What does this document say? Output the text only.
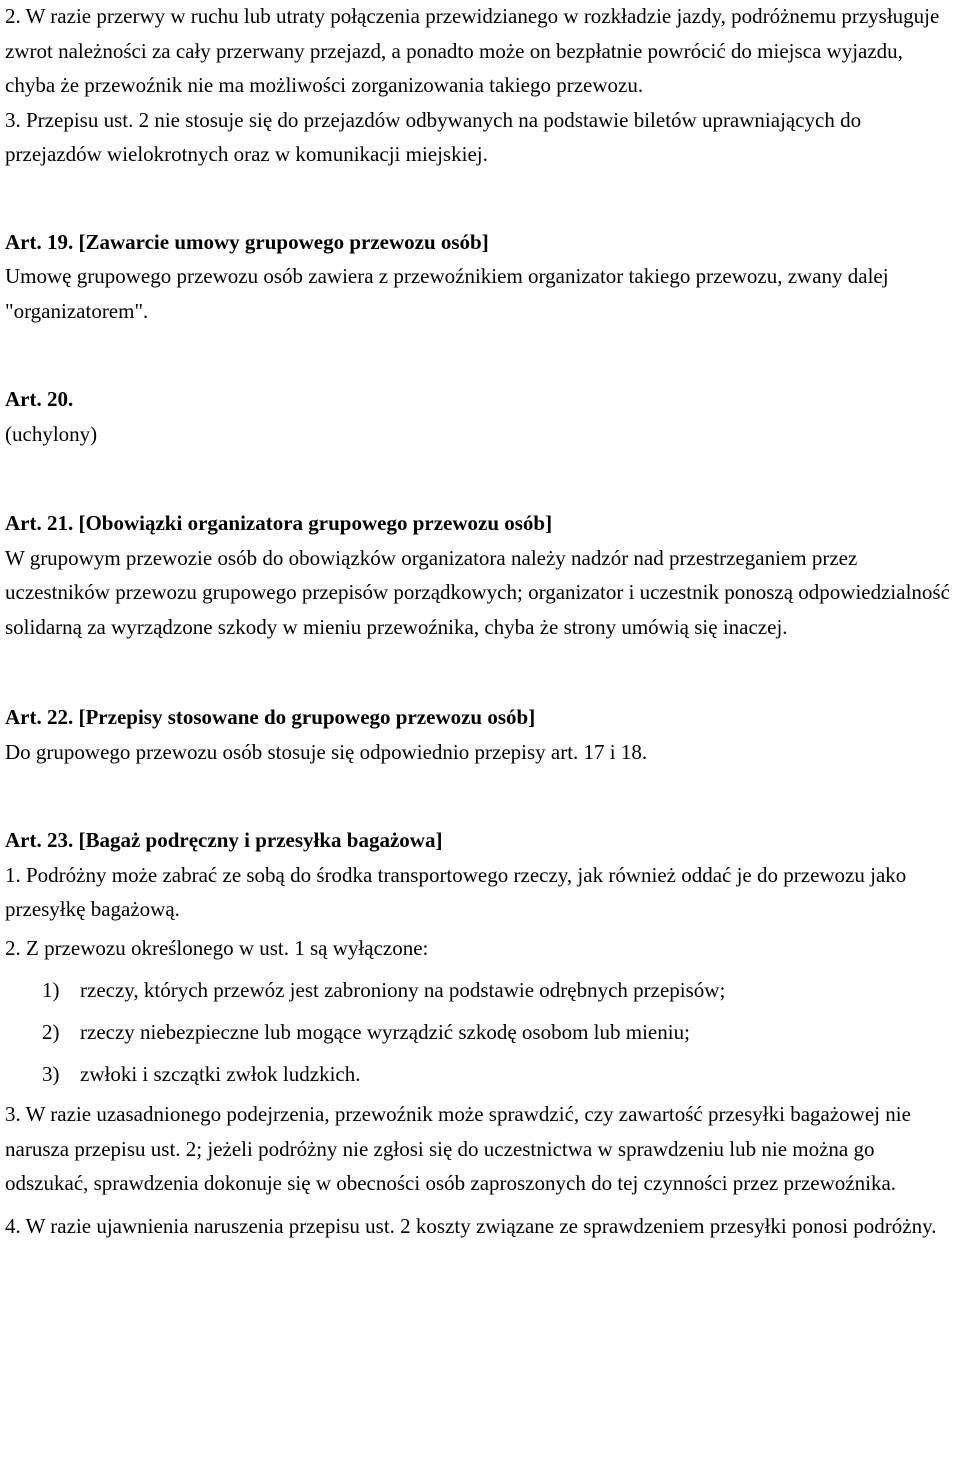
2. W razie przerwy w ruchu lub utraty połączenia przewidzianego w rozkładzie jazdy, podróżnemu przysługuje zwrot należności za cały przerwany przejazd, a ponadto może on bezpłatnie powrócić do miejsca wyjazdu, chyba że przewoźnik nie ma możliwości zorganizowania takiego przewozu.

3. Przepisu ust. 2 nie stosuje się do przejazdów odbywanych na podstawie biletów uprawniających do przejazdów wielokrotnych oraz w komunikacji miejskiej.

Art. 19. [Zawarcie umowy grupowego przewozu osób]

Umowę grupowego przewozu osób zawiera z przewoźnikiem organizator takiego przewozu, zwany dalej "organizatorem".

Art. 20.

(uchylony)

Art. 21. [Obowiązki organizatora grupowego przewozu osób]

W grupowym przewozie osób do obowiązków organizatora należy nadzór nad przestrzeganiem przez uczestników przewozu grupowego przepisów porządkowych; organizator i uczestnik ponoszą odpowiedzialność solidarną za wyrządzone szkody w mieniu przewoźnika, chyba że strony umówią się inaczej.

Art. 22. [Przepisy stosowane do grupowego przewozu osób]

Do grupowego przewozu osób stosuje się odpowiednio przepisy art. 17 i 18.

Art. 23. [Bagaż podręczny i przesyłka bagażowa]

1. Podróżny może zabrać ze sobą do środka transportowego rzeczy, jak również oddać je do przewozu jako przesyłkę bagażową.

2. Z przewozu określonego w ust. 1 są wyłączone:

1) rzeczy, których przewóz jest zabroniony na podstawie odrębnych przepisów;
2) rzeczy niebezpieczne lub mogące wyrządzić szkodę osobom lub mieniu;
3) zwłoki i szczątki zwłok ludzkich.

3. W razie uzasadnionego podejrzenia, przewoźnik może sprawdzić, czy zawartość przesyłki bagażowej nie narusza przepisu ust. 2; jeżeli podróżny nie zgłosi się do uczestnictwa w sprawdzeniu lub nie można go odszukać, sprawdzenia dokonuje się w obecności osób zaproszonych do tej czynności przez przewoźnika.

4. W razie ujawnienia naruszenia przepisu ust. 2 koszty związane ze sprawdzeniem przesyłki ponosi podróżny.
